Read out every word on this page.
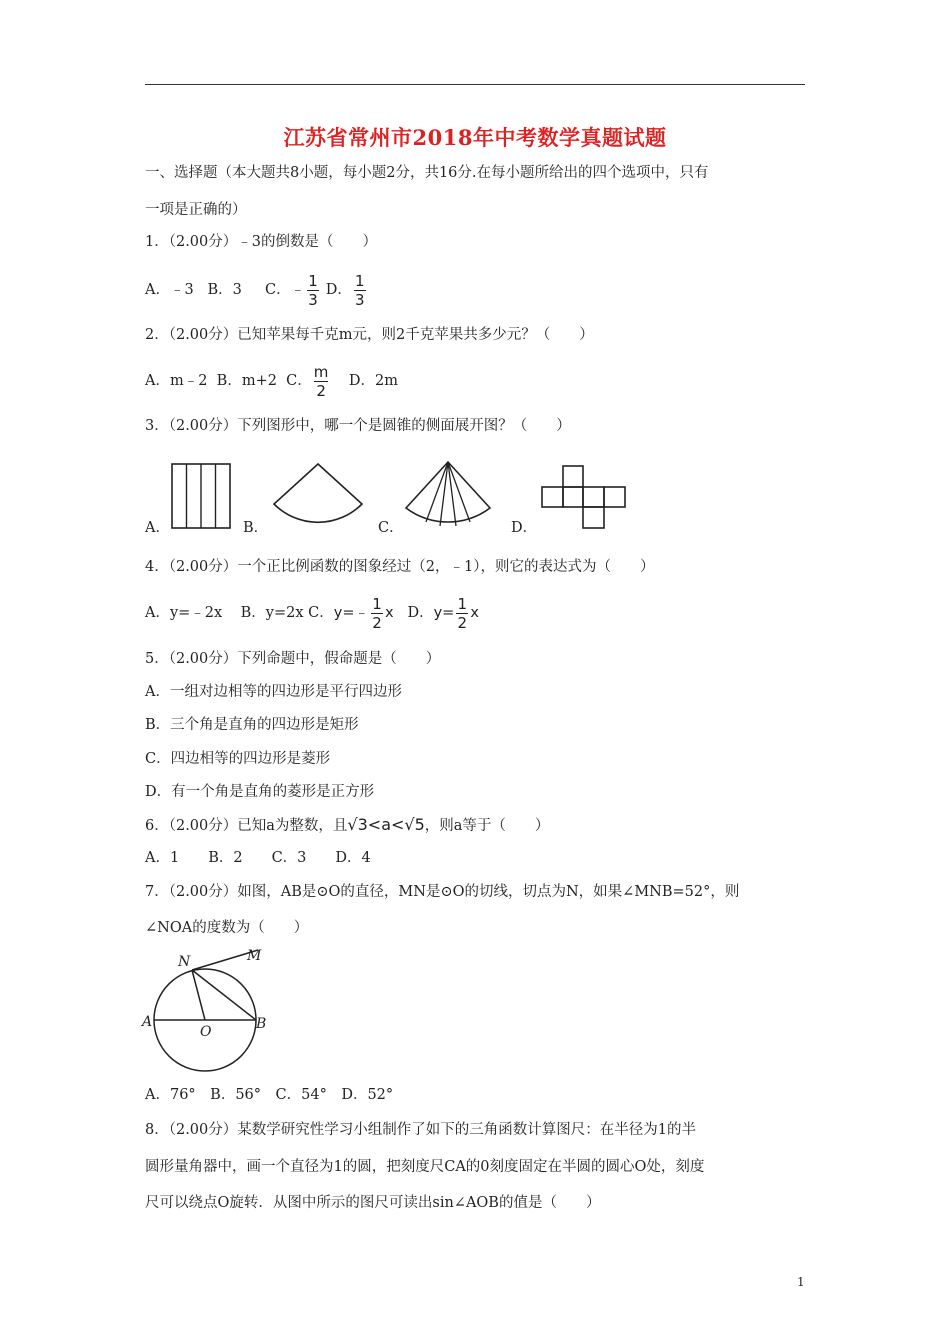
江苏省常州市2018年中考数学真题试题
一、选择题（本大题共8小题，每小题2分，共16分.在每小题所给出的四个选项中，只有
一项是正确的）
1．（2.00分）﹣3的倒数是（　　）
A．﹣3 B．3 C．﹣ $\frac{1}{3}$ D． $\frac{1}{3}$
2．（2.00分）已知苹果每千克m元，则2千克苹果共多少元？（　　）
A．m﹣2 B．m+2 C． $\frac{m}{2}$ D．2m
3．（2.00分）下列图形中，哪一个是圆锥的侧面展开图？（　　）
A．	B．	C．	D．
4．（2.00分）一个正比例函数的图象经过（2，﹣1），则它的表达式为（　　）
A．y=﹣2x B．y=2x C．y=﹣ $\frac{1}{2}$ x D．$y= \frac{1}{2}$ x
5．（2.00分）下列命题中，假命题是（　　）
A．一组对边相等的四边形是平行四边形
B．三个角是直角的四边形是矩形
C．四边相等的四边形是菱形
D．有一个角是直角的菱形是正方形
6．（2.00分）已知a为整数，且√3<a<√5，则a等于（　　）
A．1　　B．2　　C．3　　D．4
7．（2.00分）如图，AB是⊙O的直径，MN是⊙O的切线，切点为N，如果∠MNB=52°，则
∠NOA的度数为（　　）
N	M
A
O	B
A．76°　B．56°　C．54°　D．52°
8．（2.00分）某数学研究性学习小组制作了如下的三角函数计算图尺：在半径为1的半
圆形量角器中，画一个直径为1的圆，把刻度尺CA的0刻度固定在半圆的圆心O处，刻度
尺可以绕点O旋转．从图中所示的图尺可读出sin∠AOB的值是（　　）
1
